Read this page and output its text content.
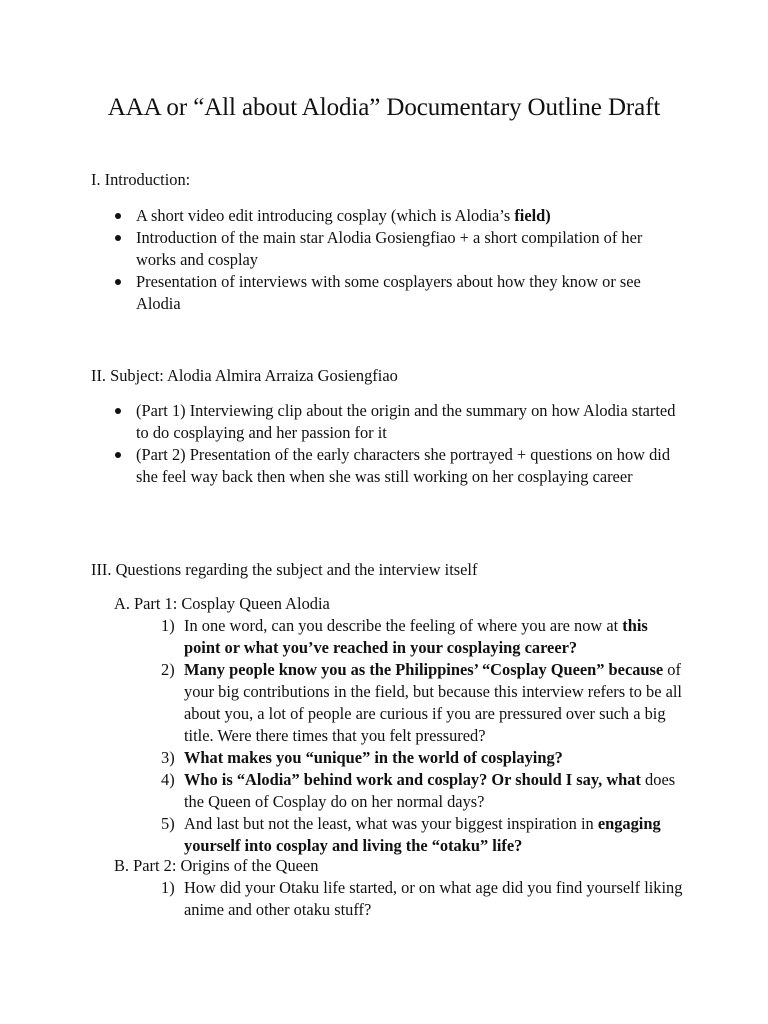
AAA or “All about Alodia” Documentary Outline Draft
I. Introduction:
A short video edit introducing cosplay (which is Alodia’s field)
Introduction of the main star Alodia Gosiengfiao + a short compilation of her works and cosplay
Presentation of interviews with some cosplayers about how they know or see Alodia
II. Subject: Alodia Almira Arraiza Gosiengfiao
(Part 1) Interviewing clip about the origin and the summary on how Alodia started to do cosplaying and her passion for it
(Part 2) Presentation of the early characters she portrayed + questions on how did she feel way back then when she was still working on her cosplaying career
III. Questions regarding the subject and the interview itself
A. Part 1: Cosplay Queen Alodia
1) In one word, can you describe the feeling of where you are now at this point or what you’ve reached in your cosplaying career?
2) Many people know you as the Philippines’ “Cosplay Queen” because of your big contributions in the field, but because this interview refers to be all about you, a lot of people are curious if you are pressured over such a big title. Were there times that you felt pressured?
3) What makes you “unique” in the world of cosplaying?
4) Who is “Alodia” behind work and cosplay? Or should I say, what does the Queen of Cosplay do on her normal days?
5) And last but not the least, what was your biggest inspiration in engaging yourself into cosplay and living the “otaku” life?
B. Part 2: Origins of the Queen
1) How did your Otaku life started, or on what age did you find yourself liking anime and other otaku stuff?
